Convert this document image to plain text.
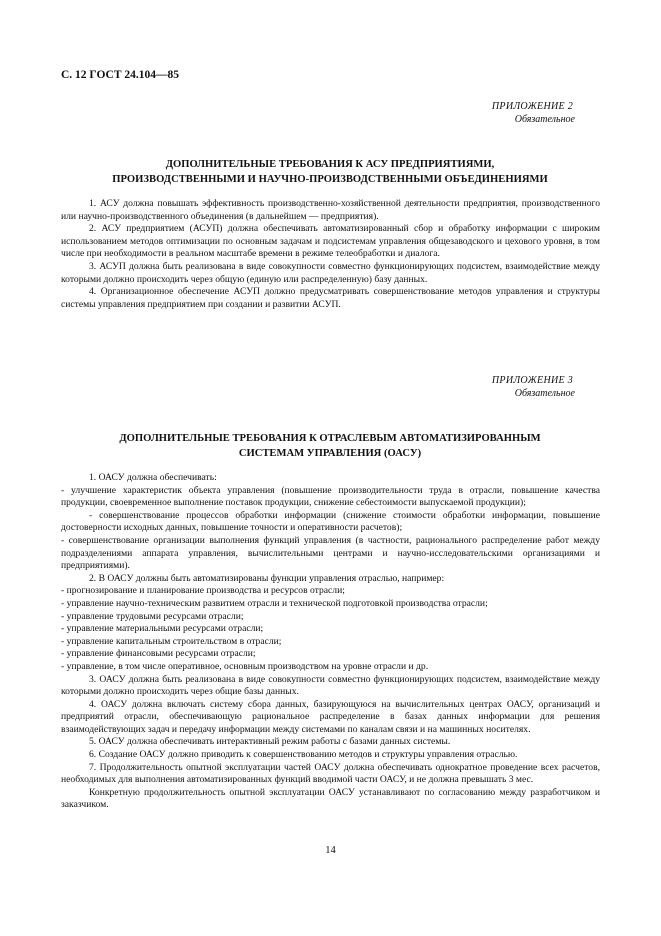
С. 12 ГОСТ 24.104—85
ПРИЛОЖЕНИЕ 2
Обязательное
ДОПОЛНИТЕЛЬНЫЕ ТРЕБОВАНИЯ К АСУ ПРЕДПРИЯТИЯМИ,
ПРОИЗВОДСТВЕННЫМИ И НАУЧНО-ПРОИЗВОДСТВЕННЫМИ ОБЪЕДИНЕНИЯМИ

1. АСУ должна повышать эффективность производственно-хозяйственной деятельности предприятия, производственного или научно-производственного объединения (в дальнейшем — предприятия).

2. АСУ предприятием (АСУП) должна обеспечивать автоматизированный сбор и обработку информации с широким использованием методов оптимизации по основным задачам и подсистемам управления общезаводского и цехового уровня, в том числе при необходимости в реальном масштабе времени в режиме телеобработки и диалога.

3. АСУП должна быть реализована в виде совокупности совместно функционирующих подсистем, взаимодействие между которыми должно происходить через общую (единую или распределенную) базу данных.

4. Организационное обеспечение АСУП должно предусматривать совершенствование методов управления и структуры системы управления предприятием при создании и развитии АСУП.

ПРИЛОЖЕНИЕ 3
Обязательное
ДОПОЛНИТЕЛЬНЫЕ ТРЕБОВАНИЯ К ОТРАСЛЕВЫМ АВТОМАТИЗИРОВАННЫМ
СИСТЕМАМ УПРАВЛЕНИЯ (ОАСУ)

1. ОАСУ должна обеспечивать:

- улучшение характеристик объекта управления (повышение производительности труда в отрасли, повышение качества продукции, своевременное выполнение поставок продукции, снижение себестоимости выпускаемой продукции);

- совершенствование процессов обработки информации (снижение стоимости обработки информации, повышение достоверности исходных данных, повышение точности и оперативности расчетов);

- совершенствование организации выполнения функций управления (в частности, рационального распределение работ между подразделениями аппарата управления, вычислительными центрами и научно-исследовательскими организациями и предприятиями).

2. В ОАСУ должны быть автоматизированы функции управления отраслью, например:

- прогнозирование и планирование производства и ресурсов отрасли;

- управление научно-техническим развитием отрасли и технической подготовкой производства отрасли;

- управление трудовыми ресурсами отрасли;

- управление материальными ресурсами отрасли;

- управление капитальным строительством в отрасли;

- управление финансовыми ресурсами отрасли;

- управление, в том числе оперативное, основным производством на уровне отрасли и др.

3. ОАСУ должна быть реализована в виде совокупности совместно функционирующих подсистем, взаимодействие между которыми должно происходить через общие базы данных.

4. ОАСУ должна включать систему сбора данных, базирующуюся на вычислительных центрах ОАСУ, организаций и предприятий отрасли, обеспечивающую рациональное распределение в базах данных информации для решения взаимодействующих задач и передачу информации между системами по каналам связи и на машинных носителях.

5. ОАСУ должна обеспечивать интерактивный режим работы с базами данных системы.

6. Создание ОАСУ должно приводить к совершенствованию методов и структуры управления отраслью.

7. Продолжительность опытной эксплуатации частей ОАСУ должна обеспечивать однократное проведение всех расчетов, необходимых для выполнения автоматизированных функций вводимой части ОАСУ, и не должна превышать 3 мес.

Конкретную продолжительность опытной эксплуатации ОАСУ устанавливают по согласованию между разработчиком и заказчиком.

14
